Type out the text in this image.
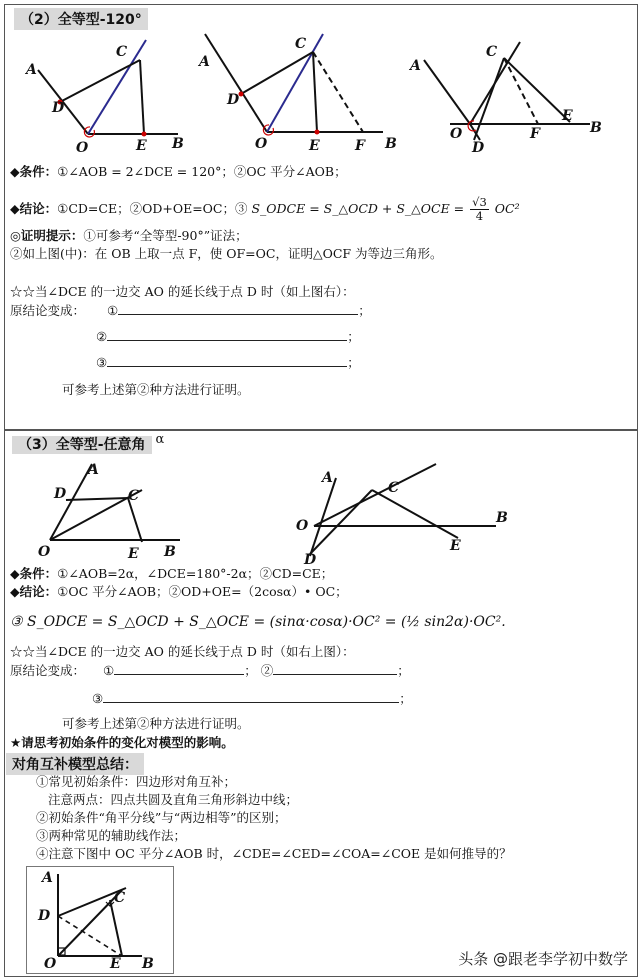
（2）全等型-120°
A
C
D
O	E B
A
C
D
O	E	F B
A
C
E
B
O	F
D
◆条件：①∠AOB = 2∠DCE = 120°；②OC 平分∠AOB；
◆结论：①CD=CE；②OD+OE=OC；③ S_ODCE = S_△OCD + S_△OCE = $\frac{√3}{4} OC^2$
◎证明提示：①可参考“全等型-90°”证法；
②如上图(中)：在 OB 上取一点 F，使 OF=OC，证明△OCF 为等边三角形。
☆☆当∠DCE 的一边交 AO 的延长线于点 D 时（如上图右）：
原结论变成： ①	；
②	；
③	；
可参考上述第②种方法进行证明。
（3）全等型-任意角 α
A
D	C
O	E B
A
C
O	B
E
D
◆条件：①∠AOB=2α，∠DCE=180°-2α；②CD=CE；
◆结论：①OC 平分∠AOB；②OD+OE=（2cosα）• OC；
③ S_ODCE = S_△OCD + S_△OCE = (sinα·cosα)·OC² = (½ sin2α)·OC².
☆☆当∠DCE 的一边交 AO 的延长线于点 D 时（如右上图）：
原结论变成： ①	； ②	；
③	；
可参考上述第②种方法进行证明。
★请思考初始条件的变化对模型的影响。
对角互补模型总结：
①常见初始条件：四边形对角互补；
注意两点：四点共圆及直角三角形斜边中线；
②初始条件“角平分线”与“两边相等”的区别；
③两种常见的辅助线作法；
④注意下图中 OC 平分∠AOB 时，∠CDE=∠CED=∠COA=∠COE 是如何推导的？
A
C
D
O	E B	头条 @跟老李学初中数学
